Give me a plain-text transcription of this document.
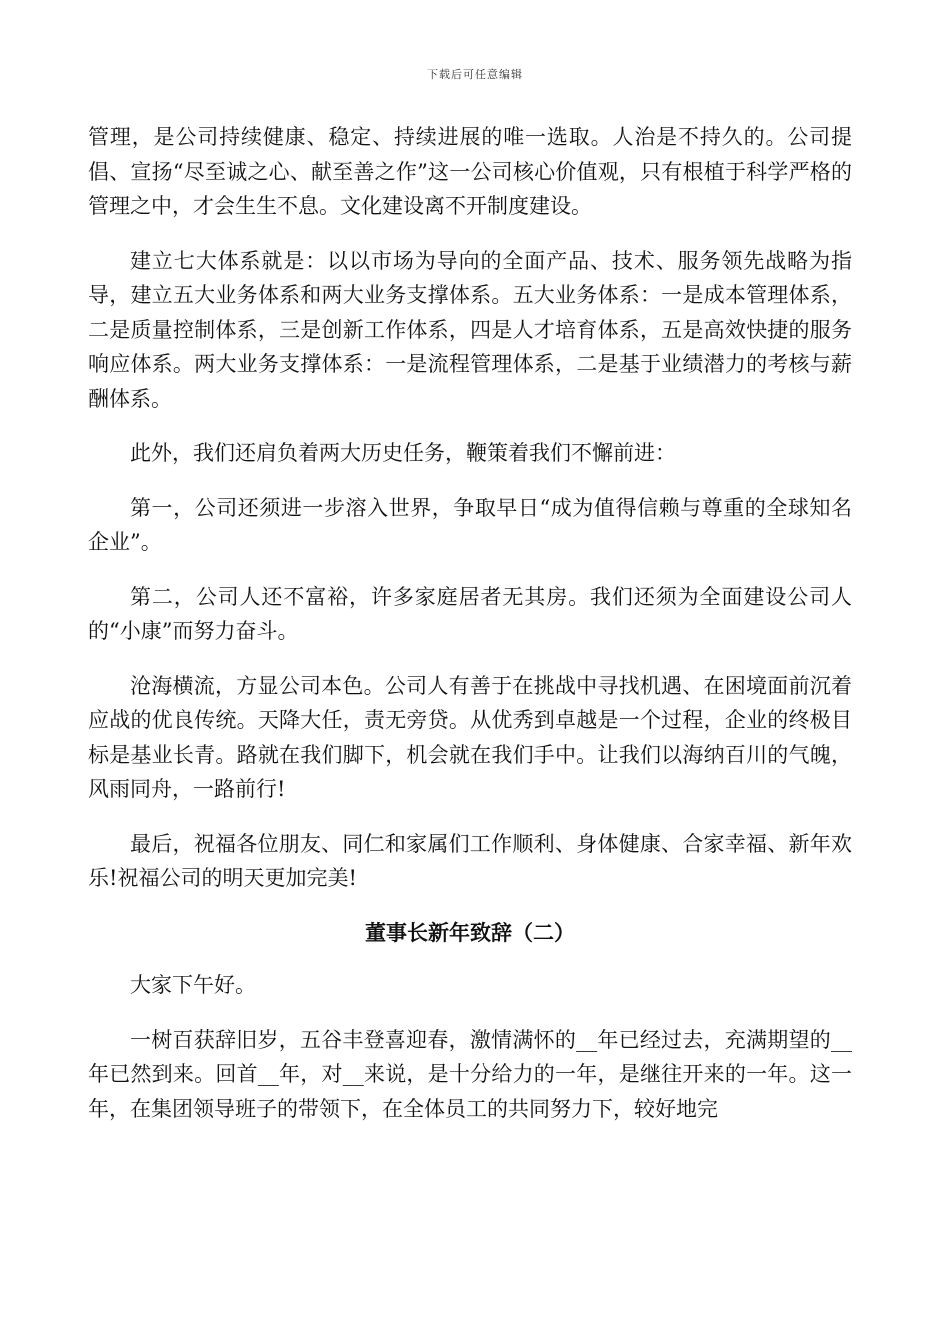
下载后可任意编辑

管理，是公司持续健康、稳定、持续进展的唯一选取。人治是不持久的。公司提倡、宣扬“尽至诚之心、献至善之作”这一公司核心价值观，只有根植于科学严格的管理之中，才会生生不息。文化建设离不开制度建设。

建立七大体系就是：以以市场为导向的全面产品、技术、服务领先战略为指导，建立五大业务体系和两大业务支撑体系。五大业务体系：一是成本管理体系，二是质量控制体系，三是创新工作体系，四是人才培育体系，五是高效快捷的服务响应体系。两大业务支撑体系：一是流程管理体系，二是基于业绩潜力的考核与薪酬体系。

此外，我们还肩负着两大历史任务，鞭策着我们不懈前进：

第一，公司还须进一步溶入世界，争取早日“成为值得信赖与尊重的全球知名企业”。

第二，公司人还不富裕，许多家庭居者无其房。我们还须为全面建设公司人的“小康”而努力奋斗。

沧海横流，方显公司本色。公司人有善于在挑战中寻找机遇、在困境面前沉着应战的优良传统。天降大任，责无旁贷。从优秀到卓越是一个过程，企业的终极目标是基业长青。路就在我们脚下，机会就在我们手中。让我们以海纳百川的气魄，风雨同舟，一路前行!

最后，祝福各位朋友、同仁和家属们工作顺利、身体健康、合家幸福、新年欢乐!祝福公司的明天更加完美!

董事长新年致辞（二）

大家下午好。

一树百获辞旧岁，五谷丰登喜迎春，激情满怀的__年已经过去，充满期望的__年已然到来。回首__年，对__来说，是十分给力的一年，是继往开来的一年。这一年，在集团领导班子的带领下，在全体员工的共同努力下，较好地完
